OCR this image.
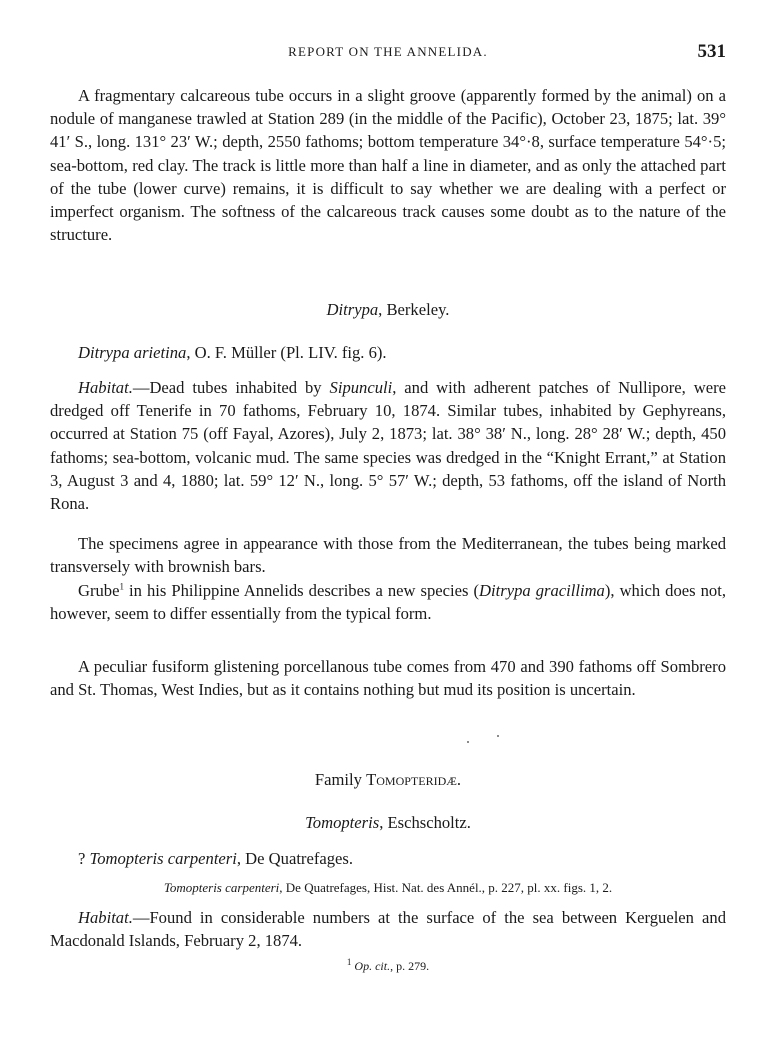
REPORT ON THE ANNELIDA.	531

A fragmentary calcareous tube occurs in a slight groove (apparently formed by the animal) on a nodule of manganese trawled at Station 289 (in the middle of the Pacific), October 23, 1875; lat. 39° 41′ S., long. 131° 23′ W.; depth, 2550 fathoms; bottom temperature 34°·8, surface temperature 54°·5; sea-bottom, red clay. The track is little more than half a line in diameter, and as only the attached part of the tube (lower curve) remains, it is difficult to say whether we are dealing with a perfect or imperfect organism. The softness of the calcareous track causes some doubt as to the nature of the structure.

Ditrypa, Berkeley.
Ditrypa arietina, O. F. Müller (Pl. LIV. fig. 6).

Habitat.—Dead tubes inhabited by Sipunculi, and with adherent patches of Nullipore, were dredged off Tenerife in 70 fathoms, February 10, 1874. Similar tubes, inhabited by Gephyreans, occurred at Station 75 (off Fayal, Azores), July 2, 1873; lat. 38° 38′ N., long. 28° 28′ W.; depth, 450 fathoms; sea-bottom, volcanic mud. The same species was dredged in the “Knight Errant,” at Station 3, August 3 and 4, 1880; lat. 59° 12′ N., long. 5° 57′ W.; depth, 53 fathoms, off the island of North Rona.

The specimens agree in appearance with those from the Mediterranean, the tubes being marked transversely with brownish bars.

Grube$^1$ in his Philippine Annelids describes a new species (Ditrypa gracillima), which does not, however, seem to differ essentially from the typical form.

A peculiar fusiform glistening porcellanous tube comes from 470 and 390 fathoms off Sombrero and St. Thomas, West Indies, but as it contains nothing but mud its position is uncertain.

Family Tomopteridæ.
Tomopteris, Eschscholtz.
? Tomopteris carpenteri, De Quatrefages.
Tomopteris carpenteri, De Quatrefages, Hist. Nat. des Annél., p. 227, pl. xx. figs. 1, 2.

Habitat.—Found in considerable numbers at the surface of the sea between Kerguelen and Macdonald Islands, February 2, 1874.

$^1$ Op. cit., p. 279.
